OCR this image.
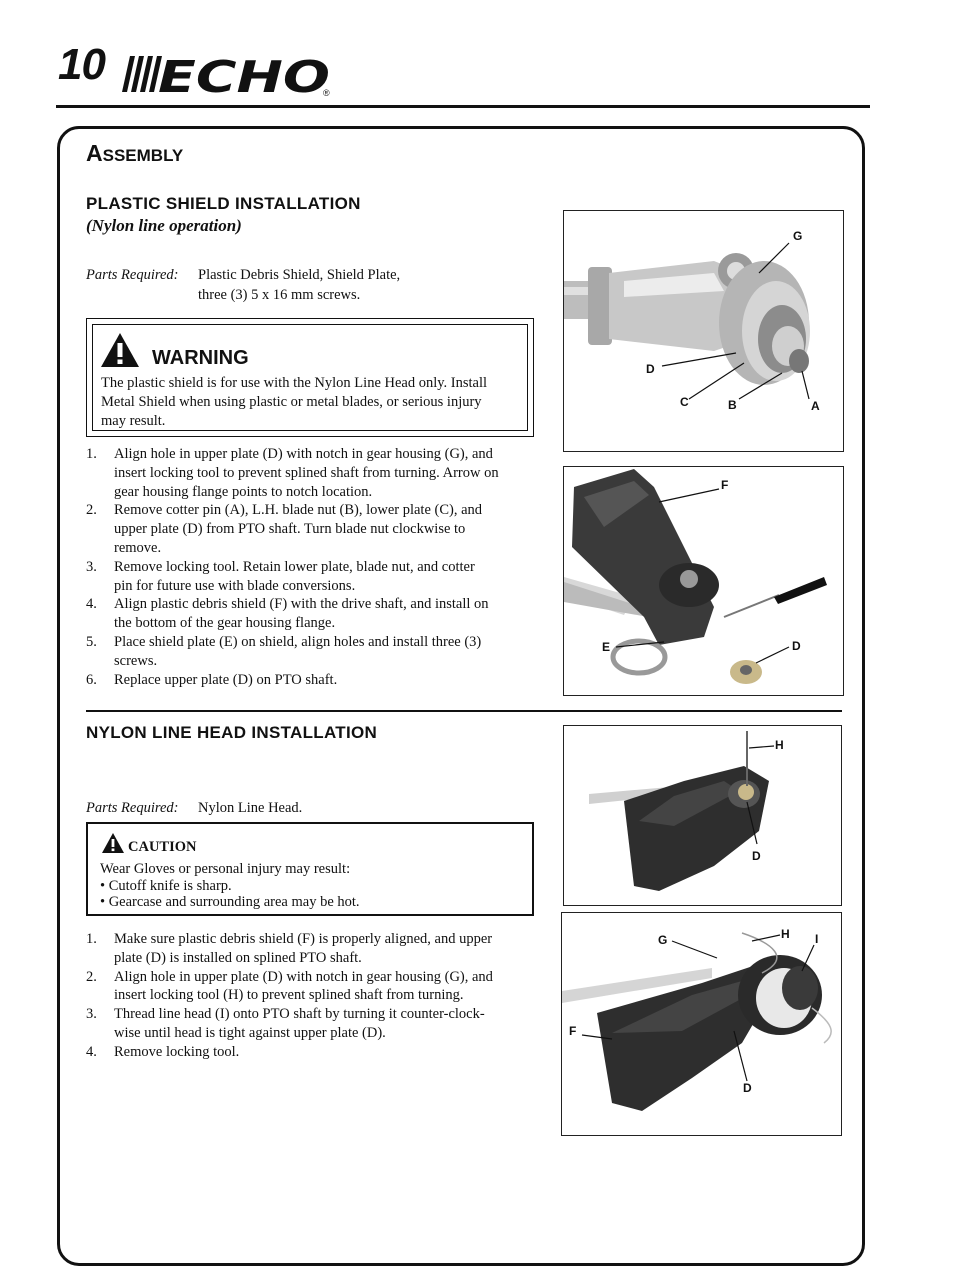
10 ECHO
®
ASSEMBLY
PLASTIC SHIELD INSTALLATION
(Nylon line operation)
Parts Required: Plastic Debris Shield, Shield Plate,
three (3) 5 x 16 mm screws.
WARNING
The plastic shield is for use with the Nylon Line Head only. Install
Metal Shield when using plastic or metal blades, or serious injury
may result.
1. Align hole in upper plate (D) with notch in gear housing (G), and
insert locking tool to prevent splined shaft from turning. Arrow on
gear housing flange points to notch location.
2. Remove cotter pin (A), L.H. blade nut (B), lower plate (C), and
upper plate (D) from PTO shaft. Turn blade nut clockwise to
remove.
3. Remove locking tool. Retain lower plate, blade nut, and cotter
pin for future use with blade conversions.
4. Align plastic debris shield (F) with the drive shaft, and install on
the bottom of the gear housing flange.
5. Place shield plate (E) on shield, align holes and install three (3)
screws.
6. Replace upper plate (D) on PTO shaft.
G
D
C	B	A
F
E	D
NYLON LINE HEAD INSTALLATION
Parts Required: Nylon Line Head.
CAUTION
Wear Gloves or personal injury may result:
• Cutoff knife is sharp.
• Gearcase and surrounding area may be hot.
1. Make sure plastic debris shield (F) is properly aligned, and upper
plate (D) is installed on splined PTO shaft.
2. Align hole in upper plate (D) with notch in gear housing (G), and
insert locking tool (H) to prevent splined shaft from turning.
3. Thread line head (I) onto PTO shaft by turning it counter-clock-
wise until head is tight against upper plate (D).
4. Remove locking tool.
H
D
G	H I
F
D
